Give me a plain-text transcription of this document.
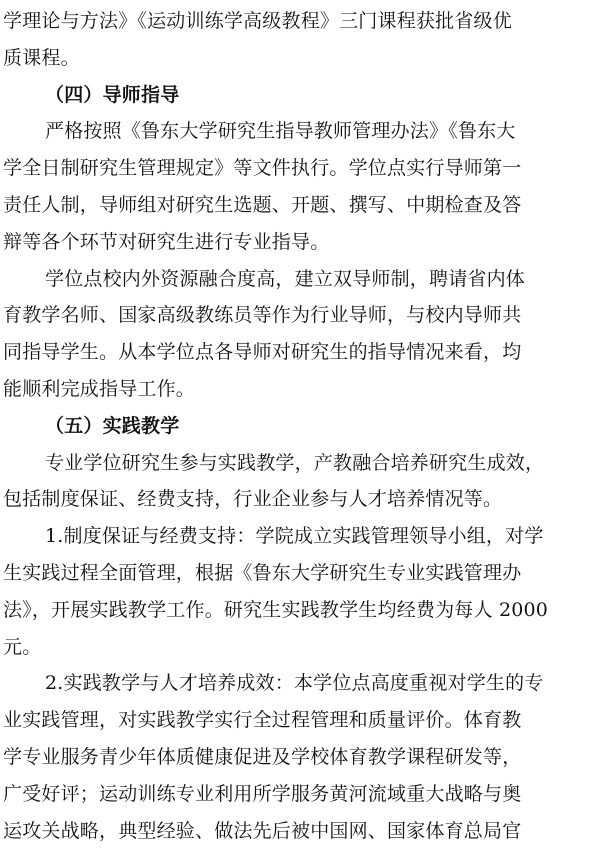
学理论与方法》《运动训练学高级教程》三门课程获批省级优
质课程。
（四）导师指导
严格按照《鲁东大学研究生指导教师管理办法》《鲁东大
学全日制研究生管理规定》等文件执行。学位点实行导师第一
责任人制，导师组对研究生选题、开题、撰写、中期检查及答
辩等各个环节对研究生进行专业指导。
学位点校内外资源融合度高，建立双导师制，聘请省内体
育教学名师、国家高级教练员等作为行业导师，与校内导师共
同指导学生。从本学位点各导师对研究生的指导情况来看，均
能顺利完成指导工作。
（五）实践教学
专业学位研究生参与实践教学，产教融合培养研究生成效，
包括制度保证、经费支持，行业企业参与人才培养情况等。
1.制度保证与经费支持：学院成立实践管理领导小组，对学
生实践过程全面管理，根据《鲁东大学研究生专业实践管理办
法》，开展实践教学工作。研究生实践教学生均经费为每人 2000
元。
2.实践教学与人才培养成效：本学位点高度重视对学生的专
业实践管理，对实践教学实行全过程管理和质量评价。体育教
学专业服务青少年体质健康促进及学校体育教学课程研发等，
广受好评；运动训练专业利用所学服务黄河流域重大战略与奥
运攻关战略，典型经验、做法先后被中国网、国家体育总局官
